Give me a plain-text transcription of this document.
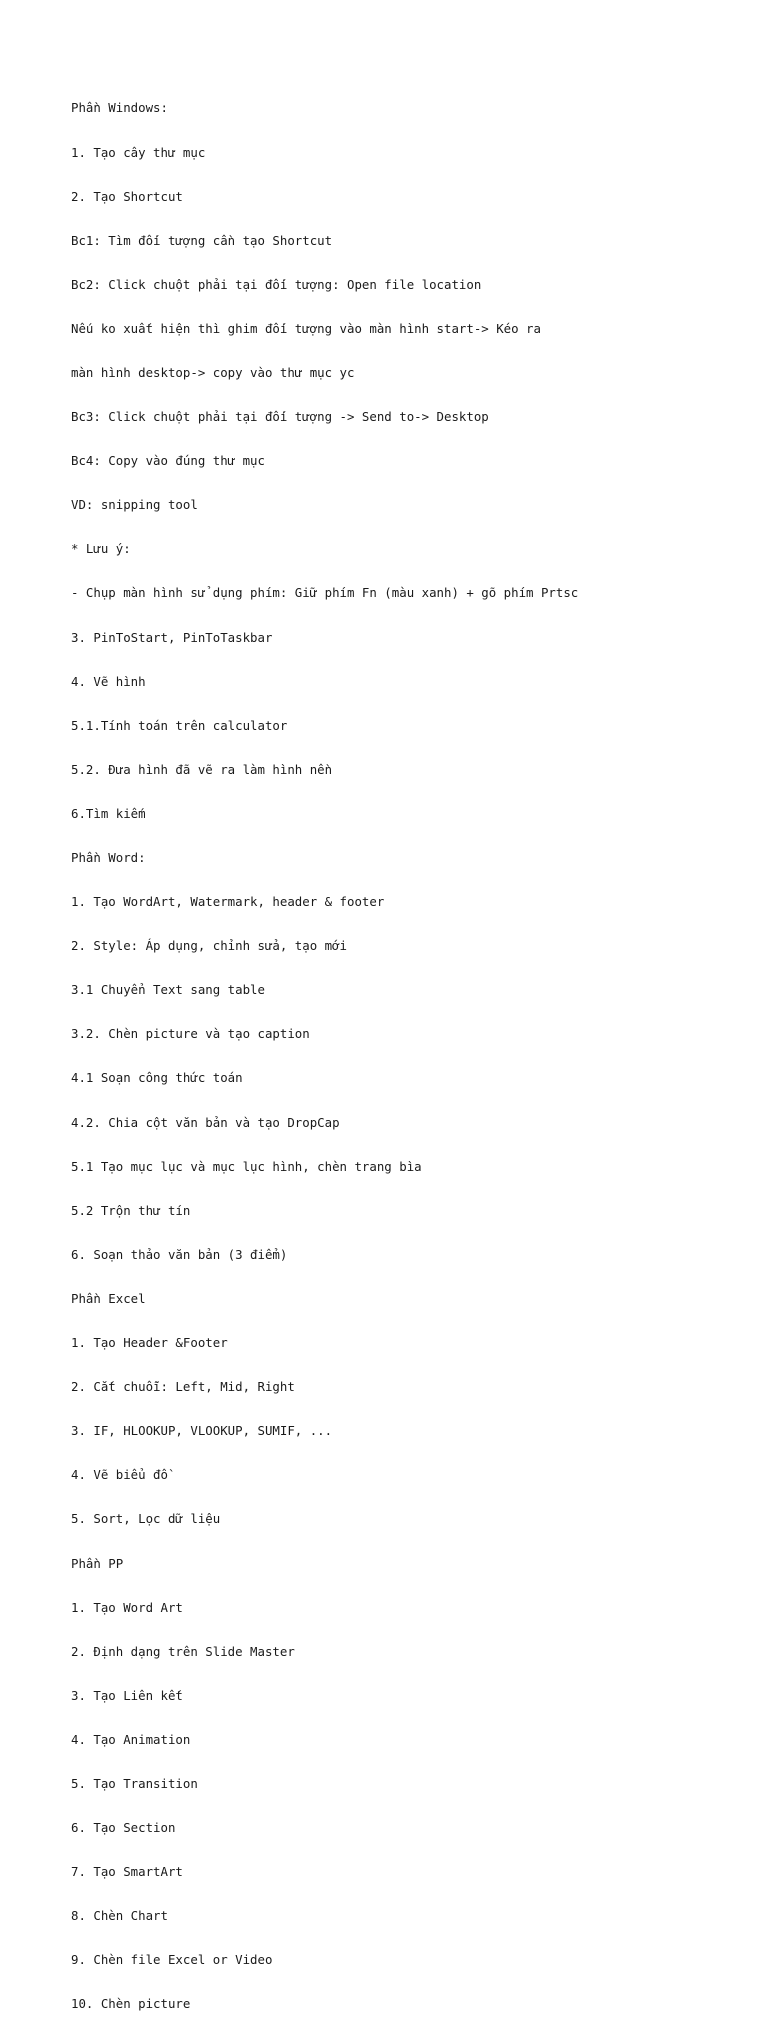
Phần Windows:

1. Tạo cây thư mục

2. Tạo Shortcut

Bc1: Tìm đối tượng cần tạo Shortcut

Bc2: Click chuột phải tại đối tượng: Open file location

Nếu ko xuất hiện thì ghim đối tượng vào màn hình start-> Kéo ra

màn hình desktop-> copy vào thư mục yc

Bc3: Click chuột phải tại đối tượng -> Send to-> Desktop

Bc4: Copy vào đúng thư mục

VD: snipping tool

* Lưu ý:

- Chụp màn hình sử dụng phím: Giữ phím Fn (màu xanh) + gõ phím Prtsc

3. PinToStart, PinToTaskbar

4. Vẽ hình

5.1.Tính toán trên calculator

5.2. Đưa hình đã vẽ ra làm hình nền

6.Tìm kiếm

Phần Word:

1. Tạo WordArt, Watermark, header & footer

2. Style: Áp dụng, chỉnh sửa, tạo mới

3.1 Chuyển Text sang table

3.2. Chèn picture và tạo caption

4.1 Soạn công thức toán

4.2. Chia cột văn bản và tạo DropCap

5.1 Tạo mục lục và mục lục hình, chèn trang bìa

5.2 Trộn thư tín

6. Soạn thảo văn bản (3 điểm)

Phần Excel

1. Tạo Header &Footer

2. Cắt chuỗi: Left, Mid, Right

3. IF, HLOOKUP, VLOOKUP, SUMIF, ...

4. Vẽ biểu đồ

5. Sort, Lọc dữ liệu

Phần PP

1. Tạo Word Art

2. Định dạng trên Slide Master

3. Tạo Liên kết

4. Tạo Animation

5. Tạo Transition

6. Tạo Section

7. Tạo SmartArt

8. Chèn Chart

9. Chèn file Excel or Video

10. Chèn picture
